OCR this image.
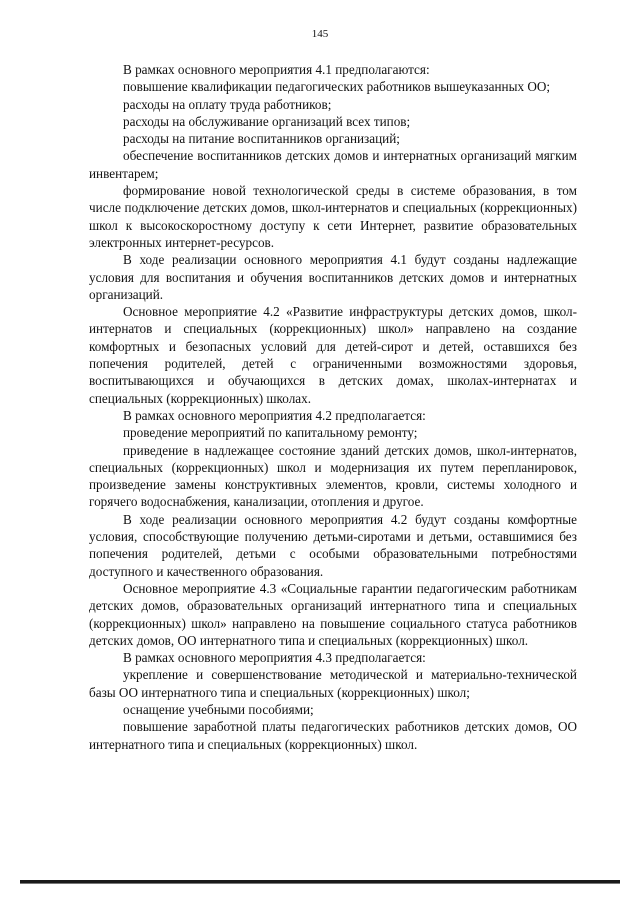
145

В рамках основного мероприятия 4.1 предполагаются:

повышение квалификации педагогических работников вышеуказанных ОО;

расходы на оплату труда работников;

расходы на обслуживание организаций всех типов;

расходы на питание воспитанников организаций;

обеспечение воспитанников детских домов и интернатных организаций мягким инвентарем;

формирование новой технологической среды в системе образования, в том числе подключение детских домов, школ-интернатов и специальных (коррекционных) школ к высокоскоростному доступу к сети Интернет, развитие образовательных электронных интернет-ресурсов.

В ходе реализации основного мероприятия 4.1 будут созданы надлежащие условия для воспитания и обучения воспитанников детских домов и интернатных организаций.

Основное мероприятие 4.2 «Развитие инфраструктуры детских домов, школ-интернатов и специальных (коррекционных) школ» направлено на создание комфортных и безопасных условий для детей-сирот и детей, оставшихся без попечения родителей, детей с ограниченными возможностями здоровья, воспитывающихся и обучающихся в детских домах, школах-интернатах и специальных (коррекционных) школах.

В рамках основного мероприятия 4.2 предполагается:

проведение мероприятий по капитальному ремонту;

приведение в надлежащее состояние зданий детских домов, школ-интернатов, специальных (коррекционных) школ и модернизация их путем перепланировок, произведение замены конструктивных элементов, кровли, системы холодного и горячего водоснабжения, канализации, отопления и другое.

В ходе реализации основного мероприятия 4.2 будут созданы комфортные условия, способствующие получению детьми-сиротами и детьми, оставшимися без попечения родителей, детьми с особыми образовательными потребностями доступного и качественного образования.

Основное мероприятие 4.3 «Социальные гарантии педагогическим работникам детских домов, образовательных организаций интернатного типа и специальных (коррекционных) школ» направлено на повышение социального статуса работников детских домов, ОО интернатного типа и специальных (коррекционных) школ.

В рамках основного мероприятия 4.3 предполагается:

укрепление и совершенствование методической и материально-технической базы ОО интернатного типа и специальных (коррекционных) школ;

оснащение учебными пособиями;

повышение заработной платы педагогических работников детских домов, ОО интернатного типа и специальных (коррекционных) школ.
